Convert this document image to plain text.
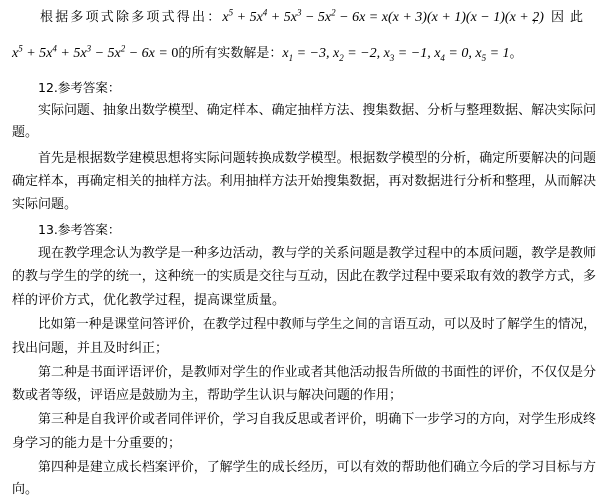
根据多项式除多项式得出：$x^5 + 5x^4 + 5x^3 - 5x^2 - 6x = x(x + 3)(x + 1)(x - 1)(x + 2)$
，因此
$x^5 + 5x^4 + 5x^3 - 5x^2 - 6x = 0$的所有实数解是：$x_1 = -3$, $x_2 = -2$, $x_3 = -1$, $x_4 = 0$, $x_5 = 1$。
12.参考答案：
实际问题、抽象出数学模型、确定样本、确定抽样方法、搜集数据、分析与整理数据、解决实际问
题。
首先是根据数学建模思想将实际问题转换成数学模型。根据数学模型的分析，确定所要解决的问题
确定样本，再确定相关的抽样方法。利用抽样方法开始搜集数据，再对数据进行分析和整理，从而解决
实际问题。
13.参考答案：
现在教学理念认为教学是一种多边活动，教与学的关系问题是教学过程中的本质问题，教学是教师
的教与学生的学的统一，这种统一的实质是交往与互动，因此在教学过程中要采取有效的教学方式，多
样的评价方式，优化教学过程，提高课堂质量。
比如第一种是课堂问答评价，在教学过程中教师与学生之间的言语互动，可以及时了解学生的情况，
找出问题，并且及时纠正；
第二种是书面评语评价，是教师对学生的作业或者其他活动报告所做的书面性的评价，不仅仅是分
数或者等级，评语应是鼓励为主，帮助学生认识与解决问题的作用；
第三种是自我评价或者同伴评价，学习自我反思或者评价，明确下一步学习的方向，对学生形成终
身学习的能力是十分重要的；
第四种是建立成长档案评价，了解学生的成长经历，可以有效的帮助他们确立今后的学习目标与方
向。
